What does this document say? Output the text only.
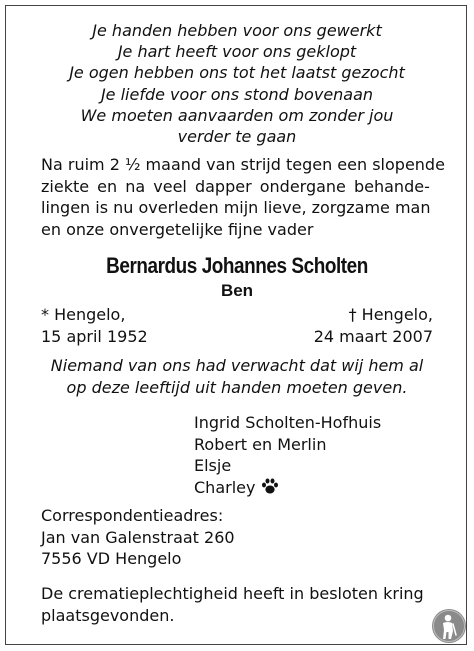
Je handen hebben voor ons gewerkt
Je hart heeft voor ons geklopt
Je ogen hebben ons tot het laatst gezocht
Je liefde voor ons stond bovenaan
We moeten aanvaarden om zonder jou
verder te gaan
Na ruim 2 ½ maand van strijd tegen een slopende
ziekte en na veel dapper ondergane behande-
lingen is nu overleden mijn lieve, zorgzame man
en onze onvergetelijke fijne vader
Bernardus Johannes Scholten
Ben
* Hengelo,
15 april 1952
† Hengelo,
24 maart 2007
Niemand van ons had verwacht dat wij hem al
op deze leeftijd uit handen moeten geven.
Ingrid Scholten-Hofhuis
Robert en Merlin
Elsje
Charley
Correspondentieadres:
Jan van Galenstraat 260
7556 VD Hengelo
De crematieplechtigheid heeft in besloten kring
plaatsgevonden.
